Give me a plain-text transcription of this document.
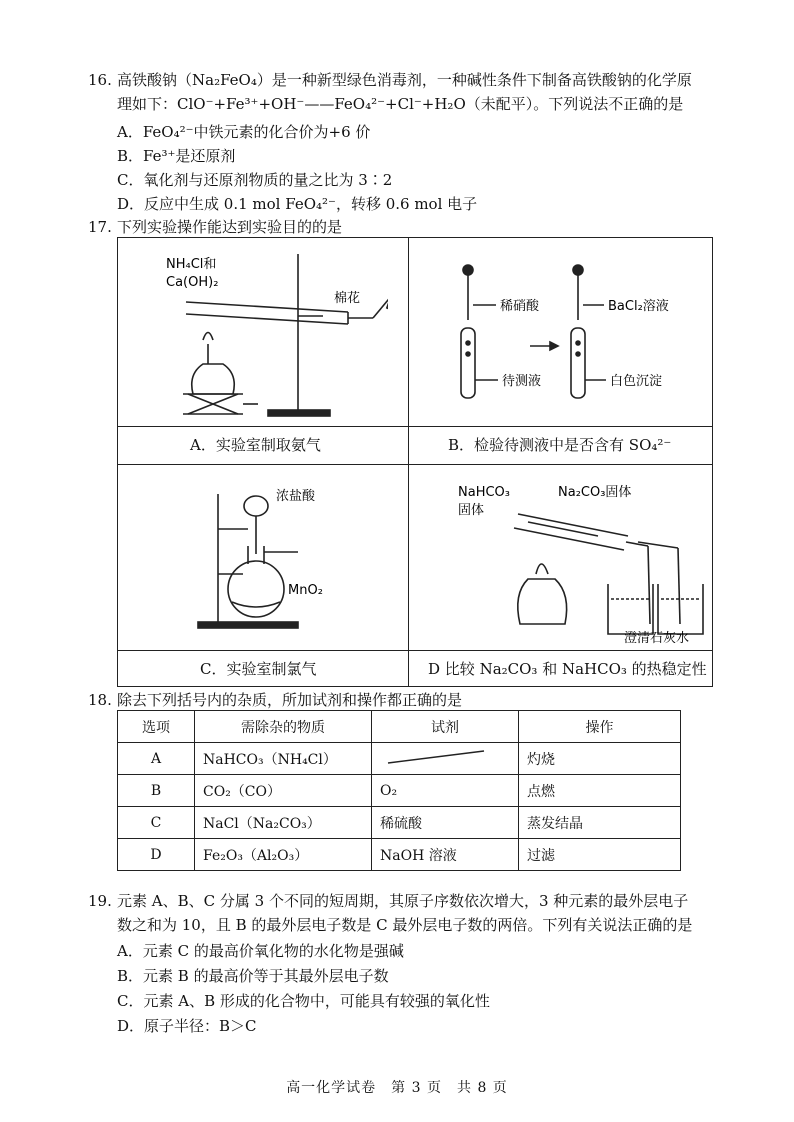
16. 高铁酸钠（Na₂FeO₄）是一种新型绿色消毒剂，一种碱性条件下制备高铁酸钠的化学原
理如下：ClO⁻+Fe³⁺+OH⁻——FeO₄²⁻+Cl⁻+H₂O（未配平）。下列说法不正确的是
A．FeO₄²⁻中铁元素的化合价为+6 价
B．Fe³⁺是还原剂
C．氧化剂与还原剂物质的量之比为 3∶2
D．反应中生成 0.1 mol FeO₄²⁻，转移 0.6 mol 电子
17. 下列实验操作能达到实验目的的是
NH₄Cl和
Ca(OH)₂
棉花
A．实验室制取氨气
稀硝酸	BaCl₂溶液
待测液	白色沉淀
B．检验待测液中是否含有 SO₄²⁻
浓盐酸
MnO₂
C．实验室制氯气
NaHCO₃
固体
Na₂CO₃固体
澄清石灰水
D 比较 Na₂CO₃ 和 NaHCO₃ 的热稳定性
18. 除去下列括号内的杂质，所加试剂和操作都正确的是
选项	需除杂的物质	试剂	操作
A	NaHCO₃（NH₄Cl）		灼烧
B	CO₂（CO）	O₂	点燃
C	NaCl（Na₂CO₃）	稀硫酸	蒸发结晶
D	Fe₂O₃（Al₂O₃）	NaOH 溶液	过滤
19. 元素 A、B、C 分属 3 个不同的短周期，其原子序数依次增大，3 种元素的最外层电子
数之和为 10，且 B 的最外层电子数是 C 最外层电子数的两倍。下列有关说法正确的是
A．元素 C 的最高价氧化物的水化物是强碱
B．元素 B 的最高价等于其最外层电子数
C．元素 A、B 形成的化合物中，可能具有较强的氧化性
D．原子半径：B＞C
高一化学试卷　第 3 页　共 8 页
